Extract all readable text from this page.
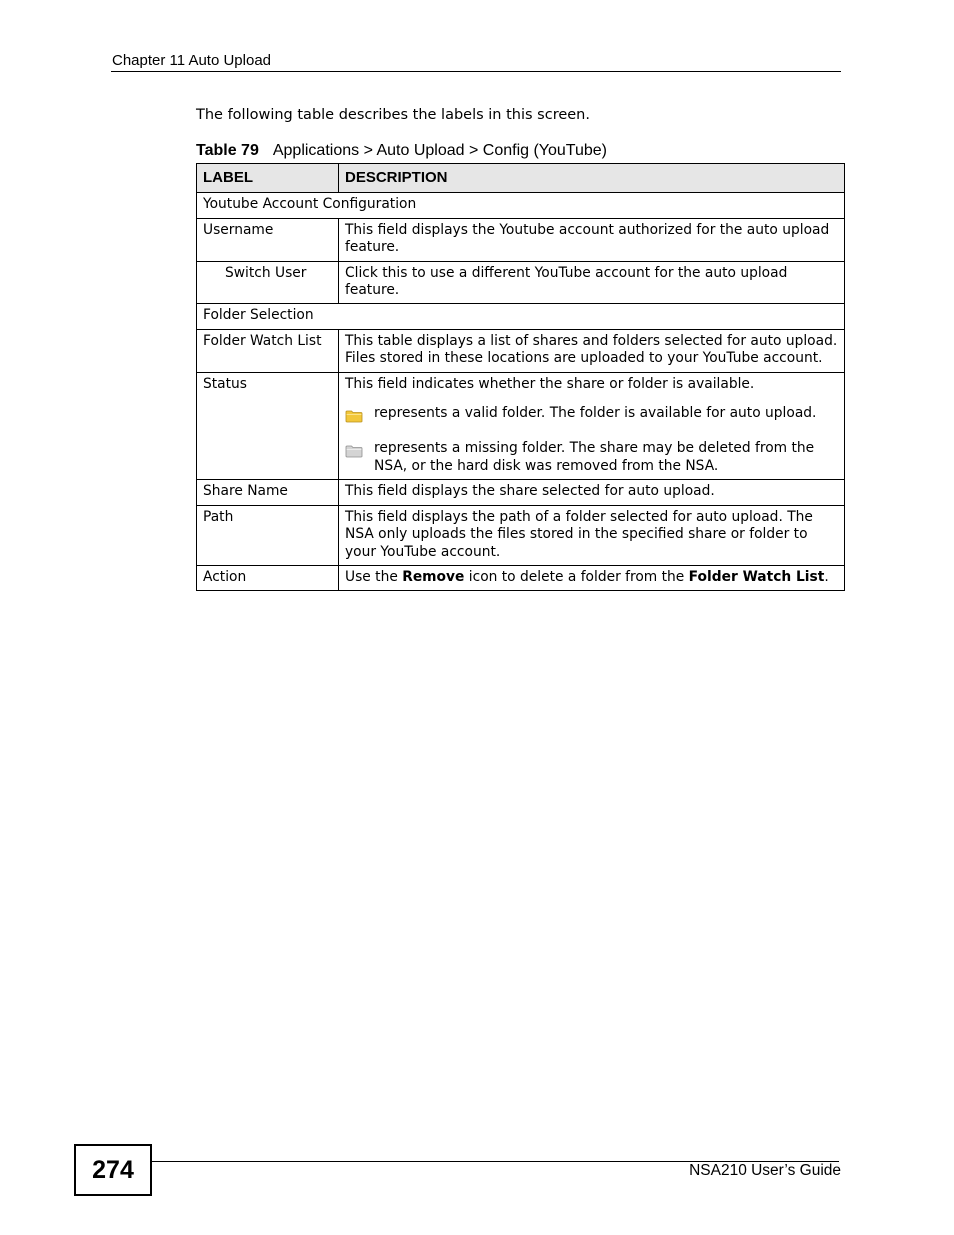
Chapter 11 Auto Upload
The following table describes the labels in this screen.
Table 79 Applications > Auto Upload > Config (YouTube)
LABEL	DESCRIPTION
Youtube Account Configuration	
Username	This field displays the Youtube account authorized for the auto upload feature.
Switch User	Click this to use a different YouTube account for the auto upload feature.
Folder Selection	
Folder Watch List	This table displays a list of shares and folders selected for auto upload. Files stored in these locations are uploaded to your YouTube account.
Status	This field indicates whether the share or folder is available.
represents a valid folder. The folder is available for auto upload.
represents a missing folder. The share may be deleted from the NSA, or the hard disk was removed from the NSA.

Share Name	This field displays the share selected for auto upload.
Path	This field displays the path of a folder selected for auto upload. The NSA only uploads the files stored in the specified share or folder to your YouTube account.
Action	Use the Remove icon to delete a folder from the Folder Watch List.
274	NSA210 User’s Guide
